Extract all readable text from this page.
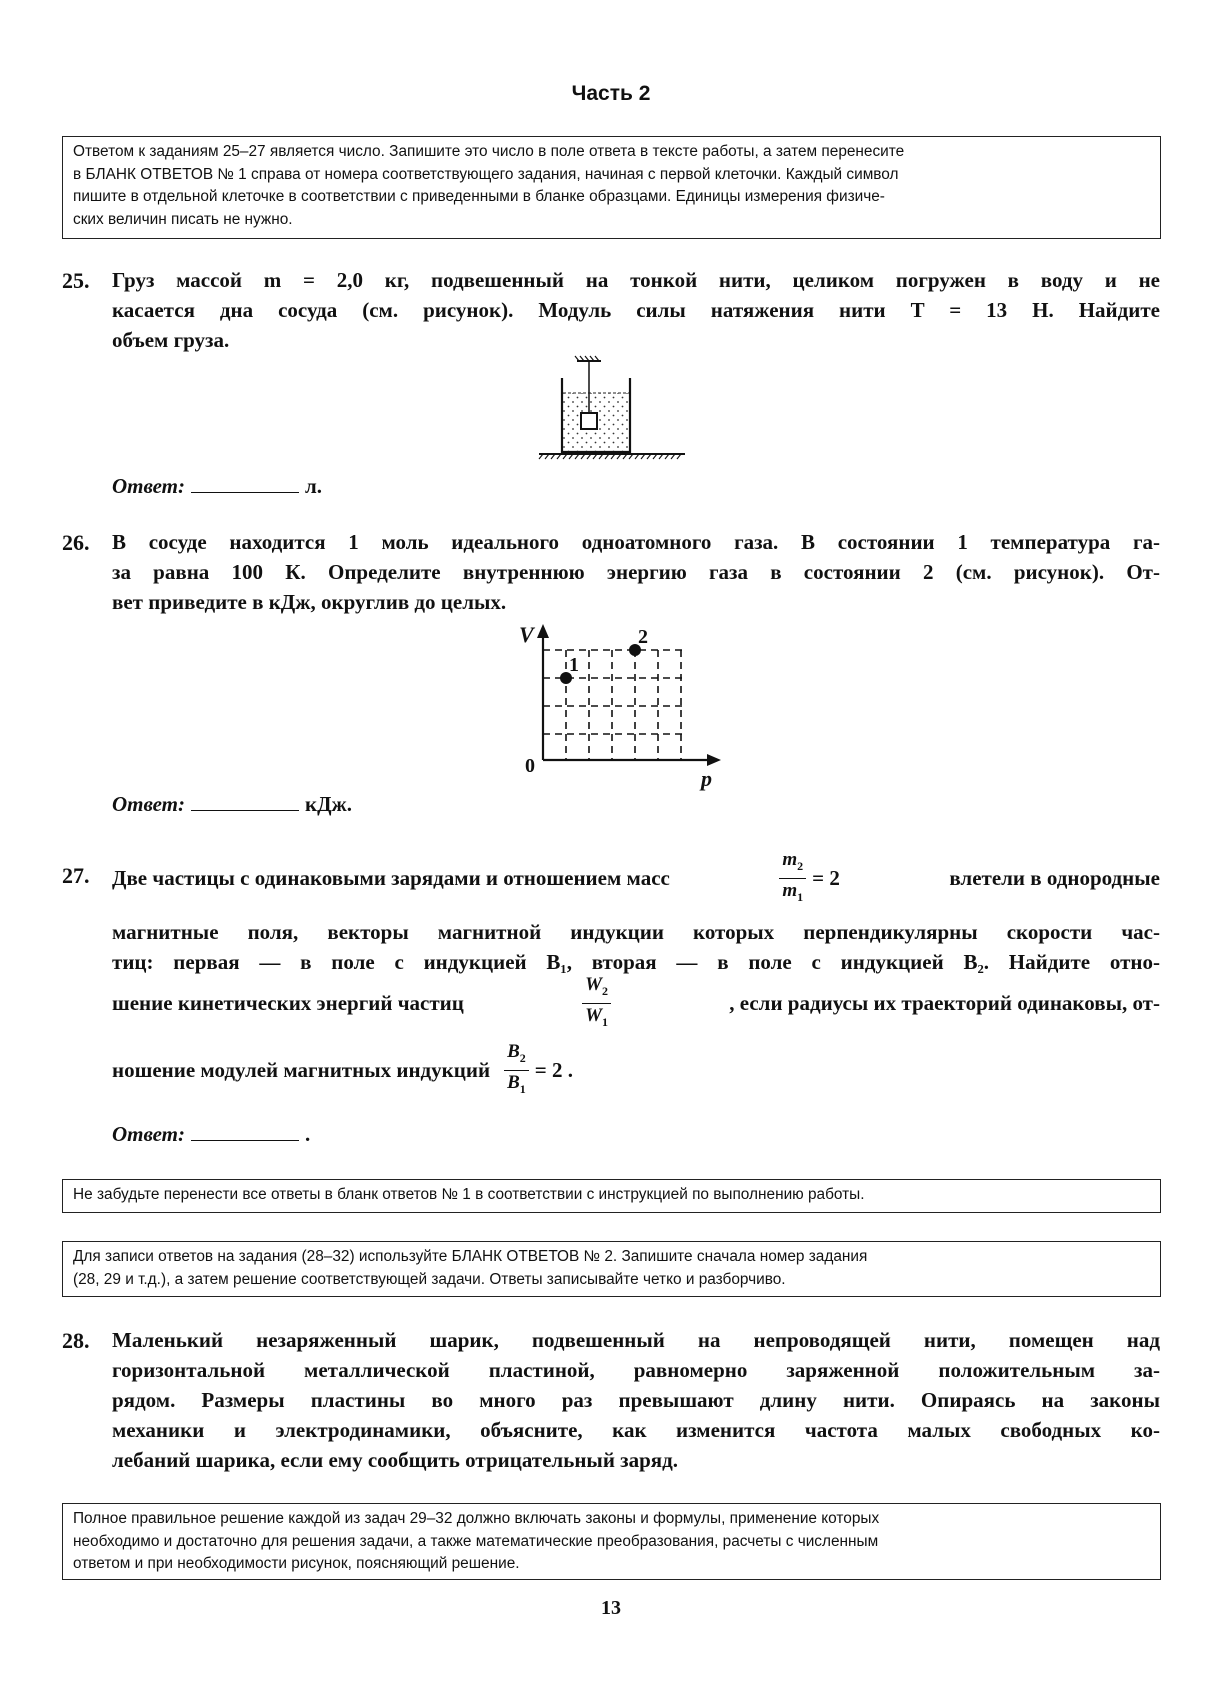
Часть 2
Ответом к заданиям 25–27 является число. Запишите это число в поле ответа в тексте работы, а затем перенесите
в БЛАНК ОТВЕТОВ № 1 справа от номера соответствующего задания, начиная с первой клеточки. Каждый символ
пишите в отдельной клеточке в соответствии с приведенными в бланке образцами. Единицы измерения физиче-
ских величин писать не нужно.
25. Груз массой m = 2,0 кг, подвешенный на тонкой нити, целиком погружен в воду и не
касается дна сосуда (см. рисунок). Модуль силы натяжения нити T = 13 Н. Найдите
объем груза.
Ответ:	л.
26. В сосуде находится 1 моль идеального одноатомного газа. В состоянии 1 температура га-
за равна 100 К. Определите внутреннюю энергию газа в состоянии 2 (см. рисунок). От-
вет приведите в кДж, округлив до целых.
V
p
0
1
2
Ответ:	кДж.
27. Две частицы с одинаковыми зарядами и отношением масс	$\frac{m_2}{m_1} = 2$	влетели в однородные
магнитные поля, векторы магнитной индукции которых перпендикулярны скорости час-
тиц: первая — в поле с индукцией B₁, вторая — в поле с индукцией B₂. Найдите отно-
шение кинетических энергий частиц	$\frac{W_2}{W_1}$	, если радиусы их траекторий одинаковы, от-
ношение модулей магнитных индукций $\frac{B_2}{B_1} = 2$ .
Ответ:	.
Не забудьте перенести все ответы в бланк ответов № 1 в соответствии с инструкцией по выполнению работы.
Для записи ответов на задания (28–32) используйте БЛАНК ОТВЕТОВ № 2. Запишите сначала номер задания
(28, 29 и т.д.), а затем решение соответствующей задачи. Ответы записывайте четко и разборчиво.
28. Маленький незаряженный шарик, подвешенный на непроводящей нити, помещен над
горизонтальной металлической пластиной, равномерно заряженной положительным за-
рядом. Размеры пластины во много раз превышают длину нити. Опираясь на законы
механики и электродинамики, объясните, как изменится частота малых свободных ко-
лебаний шарика, если ему сообщить отрицательный заряд.
Полное правильное решение каждой из задач 29–32 должно включать законы и формулы, применение которых
необходимо и достаточно для решения задачи, а также математические преобразования, расчеты с численным
ответом и при необходимости рисунок, поясняющий решение.
13
